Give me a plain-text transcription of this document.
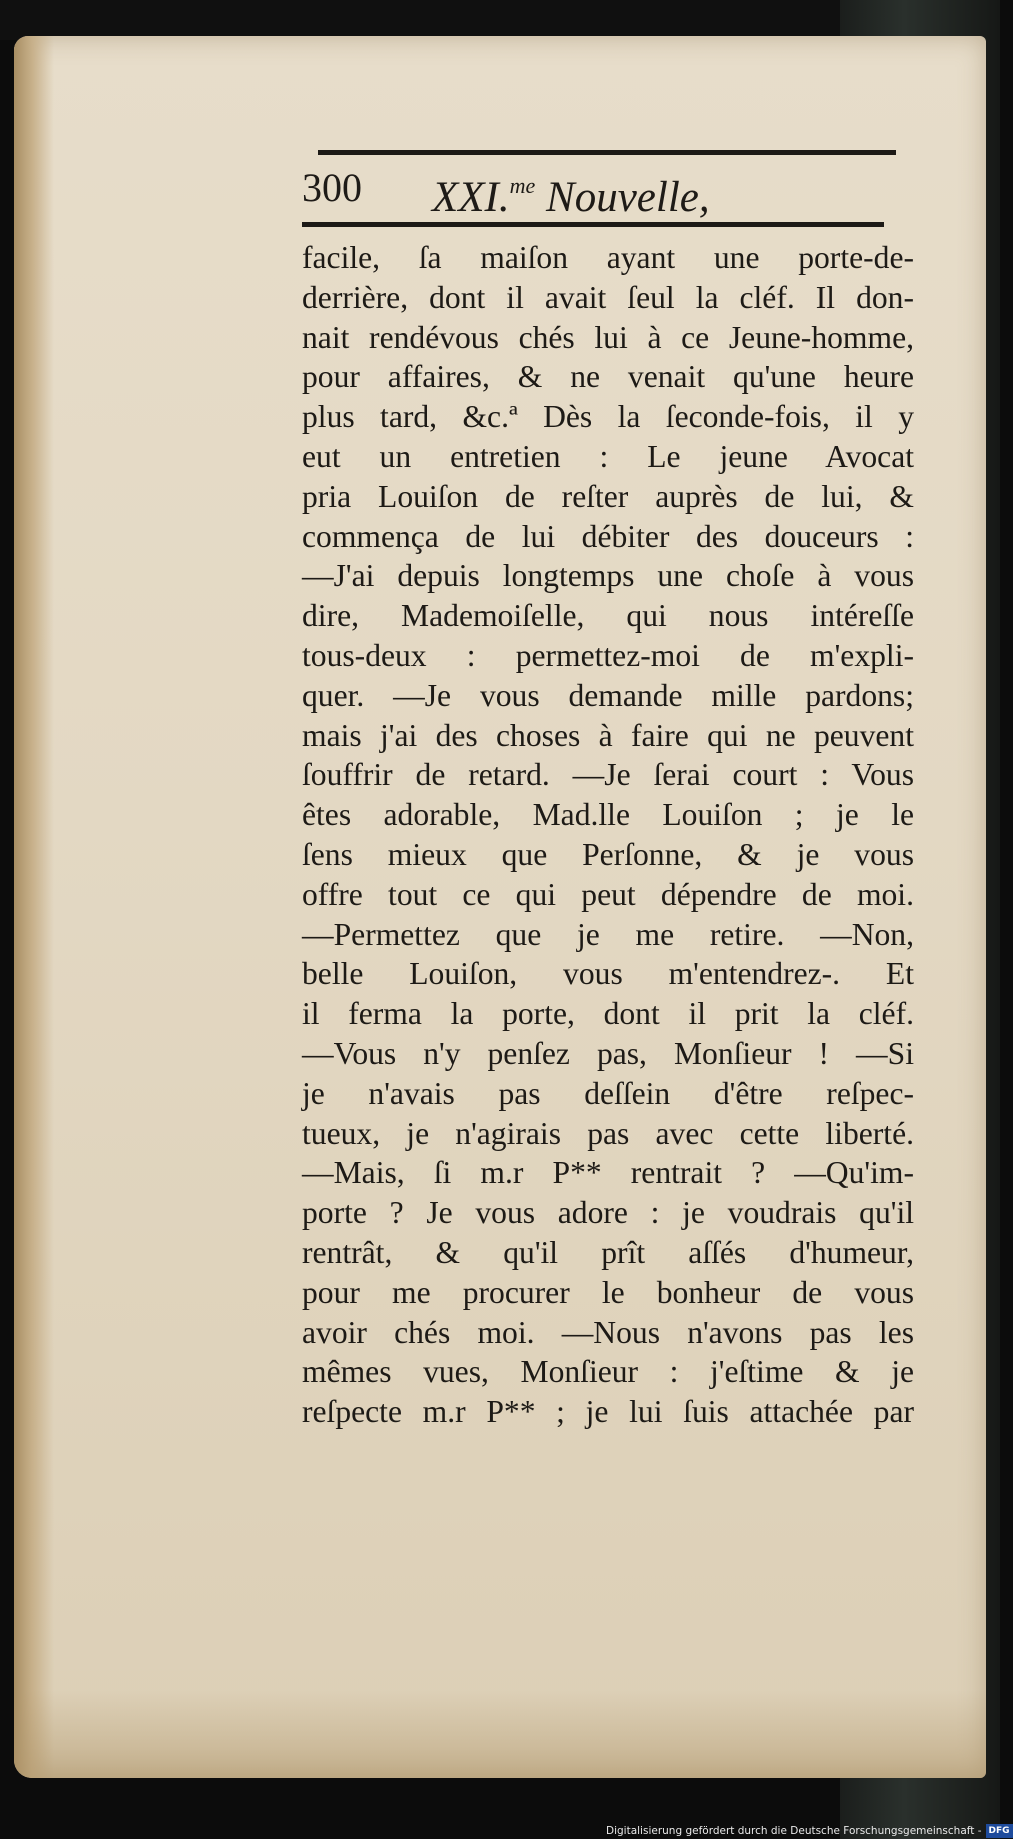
300 XXI.$^{me}$ Nouvelle,
facile, ſa maiſon ayant une porte-de-
derrière, dont il avait ſeul la cléf. Il don-
nait rendévous chés lui à ce Jeune-homme,
pour affaires, & ne venait qu'une heure
plus tard, &c.ª Dès la ſeconde-fois, il y
eut un entretien : Le jeune Avocat
pria Louiſon de reſter auprès de lui, &
commença de lui débiter des douceurs :
—J'ai depuis longtemps une choſe à vous
dire, Mademoiſelle, qui nous intéreſſe
tous-deux : permettez-moi de m'expli-
quer. —Je vous demande mille pardons;
mais j'ai des choses à faire qui ne peuvent
ſouffrir de retard. —Je ſerai court : Vous
êtes adorable, Mad.lle Louiſon ; je le
ſens mieux que Perſonne, & je vous
offre tout ce qui peut dépendre de moi.
—Permettez que je me retire. —Non,
belle Louiſon, vous m'entendrez-. Et
il ferma la porte, dont il prit la cléf.
—Vous n'y penſez pas, Monſieur ! —Si
je n'avais pas deſſein d'être reſpec-
tueux, je n'agirais pas avec cette liberté.
—Mais, ſi m.r P** rentrait ? —Qu'im-
porte ? Je vous adore : je voudrais qu'il
rentrât, & qu'il prît aſſés d'humeur,
pour me procurer le bonheur de vous
avoir chés moi. —Nous n'avons pas les
mêmes vues, Monſieur : j'eſtime & je
reſpecte m.r P** ; je lui ſuis attachée par
Digitalisierung gefördert durch die Deutsche Forschungsgemeinschaft - DFG
